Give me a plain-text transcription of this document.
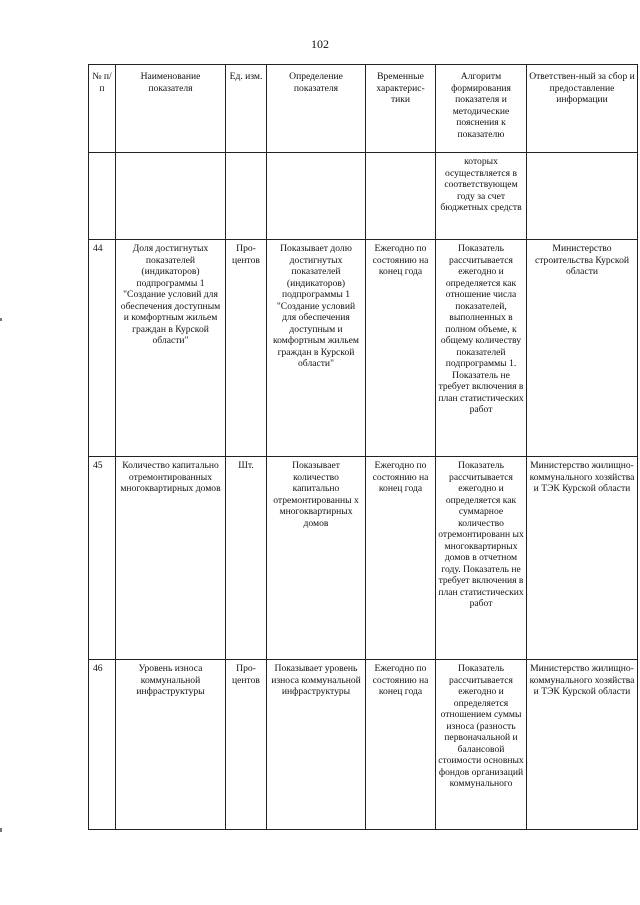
102
№ п/п	Наименование показателя	Ед. изм.	Определение показателя	Временные характерис-тики	Алгоритм формирования показателя и методические пояснения к показателю	Ответствен-ный за сбор и предоставление информации
					которых осуществляется в соответствующем году за счет бюджетных средств	
44	Доля достигнутых показателей (индикаторов) подпрограммы 1 "Создание условий для обеспечения доступным и комфортным жильем граждан в Курской области"	Про-центов	Показывает долю достигнутых показателей (индикаторов) подпрограммы 1 "Создание условий для обеспечения доступным и комфортным жильем граждан в Курской области"	Ежегодно по состоянию на конец года	Показатель рассчитывается ежегодно и определяется как отношение числа показателей, выполненных в полном объеме, к общему количеству показателей подпрограммы 1. Показатель не требует включения в план статистических работ	Министерство строительства Курской области
45	Количество капитально отремонтированных многоквартирных домов	Шт.	Показывает количество капитально отремонтированны х многоквартирных домов	Ежегодно по состоянию на конец года	Показатель рассчитывается ежегодно и определяется как суммарное количество отремонтированн ых многоквартирных домов в отчетном году. Показатель не требует включения в план статистических работ	Министерство жилищно-коммунального хозяйства и ТЭК Курской области
46	Уровень износа коммунальной инфраструктуры	Про-центов	Показывает уровень износа коммунальной инфраструктуры	Ежегодно по состоянию на конец года	Показатель рассчитывается ежегодно и определяется отношением суммы износа (разность первоначальной и балансовой стоимости основных фондов организаций коммунального	Министерство жилищно-коммунального хозяйства и ТЭК Курской области
